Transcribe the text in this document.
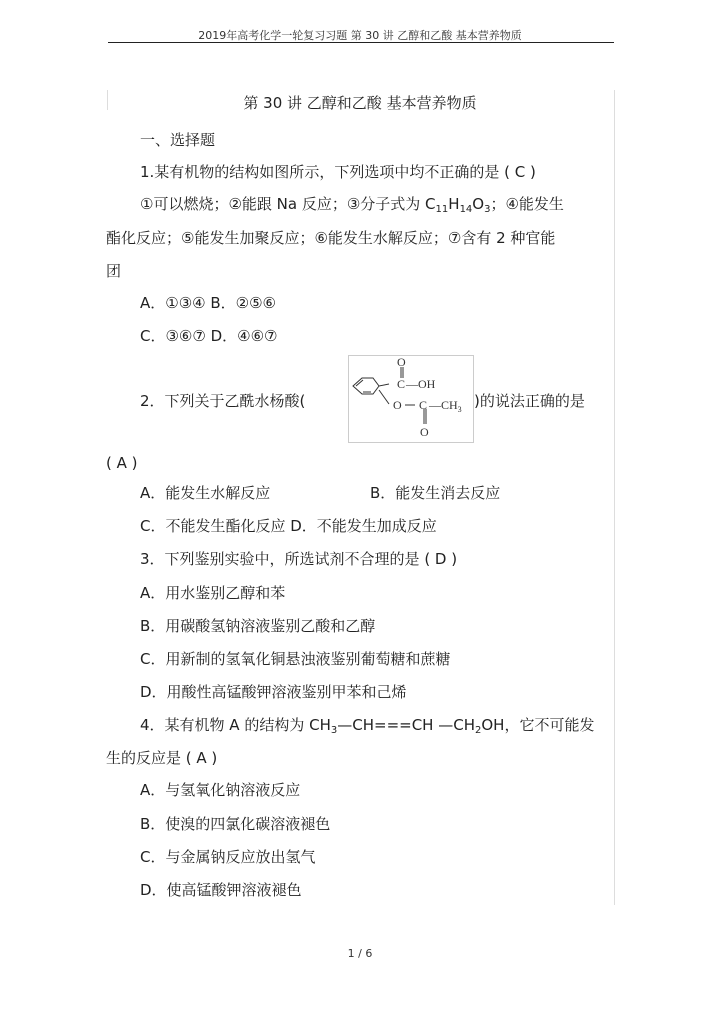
2019年高考化学一轮复习习题 第 30 讲 乙醇和乙酸 基本营养物质
第 30 讲 乙醇和乙酸 基本营养物质
一、选择题
1.某有机物的结构如图所示，下列选项中均不正确的是 ( C )
①可以燃烧；②能跟 Na 反应；③分子式为 $C_{11}H_{14}O_3$；④能发生
酯化反应；⑤能发生加聚反应；⑥能发生水解反应；⑦含有 2 种官能
团
A．①③④ B．②⑤⑥
C．③⑥⑦ D．④⑥⑦
2．下列关于乙酰水杨酸(
O
C —OH
O C $—CH_3$
O
)的说法正确的是
( A )
A．能发生水解反应	B．能发生消去反应
C．不能发生酯化反应 D．不能发生加成反应
3．下列鉴别实验中，所选试剂不合理的是 ( D )
A．用水鉴别乙醇和苯
B．用碳酸氢钠溶液鉴别乙酸和乙醇
C．用新制的氢氧化铜悬浊液鉴别葡萄糖和蔗糖
D．用酸性高锰酸钾溶液鉴别甲苯和己烯
4．某有机物 A 的结构为 $CH_3—CH===CH$ $—CH_2OH$，它不可能发
生的反应是 ( A )
A．与氢氧化钠溶液反应
B．使溴的四氯化碳溶液褪色
C．与金属钠反应放出氢气
D．使高锰酸钾溶液褪色
1 / 6
